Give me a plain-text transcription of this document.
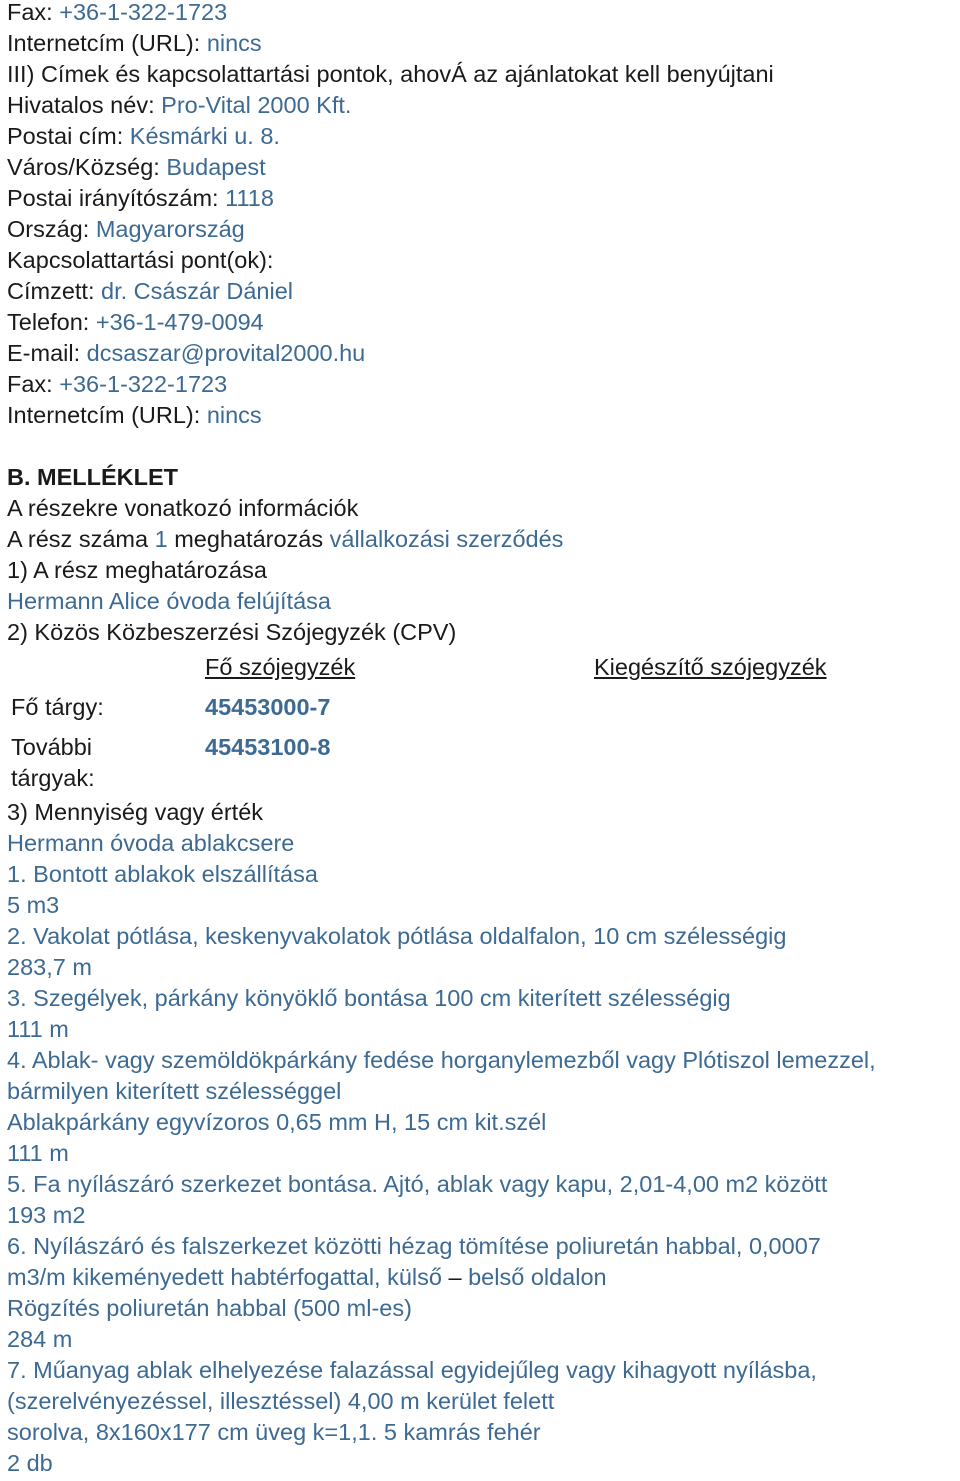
Fax: +36-1-322-1723
Internetcím (URL): nincs
III) Címek és kapcsolattartási pontok, ahovÁ az ajánlatokat kell benyújtani
Hivatalos név: Pro-Vital 2000 Kft.
Postai cím: Késmárki u. 8.
Város/Község: Budapest
Postai irányítószám: 1118
Ország: Magyarország
Kapcsolattartási pont(ok):
Címzett: dr. Császár Dániel
Telefon: +36-1-479-0094
E-mail: dcsaszar@provital2000.hu
Fax: +36-1-322-1723
Internetcím (URL): nincs
B. MELLÉKLET
A részekre vonatkozó információk
A rész száma 1 meghatározás vállalkozási szerződés
1) A rész meghatározása
Hermann Alice óvoda felújítása
2) Közös Közbeszerzési Szójegyzék (CPV)
Fő szójegyzék	Kiegészítő szójegyzék
Fő tárgy:	45453000-7
További
tárgyak:
45453100-8
3) Mennyiség vagy érték
Hermann óvoda ablakcsere
1. Bontott ablakok elszállítása
5 m3
2. Vakolat pótlása, keskenyvakolatok pótlása oldalfalon, 10 cm szélességig
283,7 m
3. Szegélyek, párkány könyöklő bontása 100 cm kiterített szélességig
111 m
4. Ablak- vagy szemöldökpárkány fedése horganylemezből vagy Plótiszol lemezzel,
bármilyen kiterített szélességgel
Ablakpárkány egyvízoros 0,65 mm H, 15 cm kit.szél
111 m
5. Fa nyílászáró szerkezet bontása. Ajtó, ablak vagy kapu, 2,01-4,00 m2 között
193 m2
6. Nyílászáró és falszerkezet közötti hézag tömítése poliuretán habbal, 0,0007
m3/m kikeményedett habtérfogattal, külső – belső oldalon
Rögzítés poliuretán habbal (500 ml-es)
284 m
7. Műanyag ablak elhelyezése falazással egyidejűleg vagy kihagyott nyílásba,
(szerelvényezéssel, illesztéssel) 4,00 m kerület felett
sorolva, 8x160x177 cm üveg k=1,1. 5 kamrás fehér
2 db
